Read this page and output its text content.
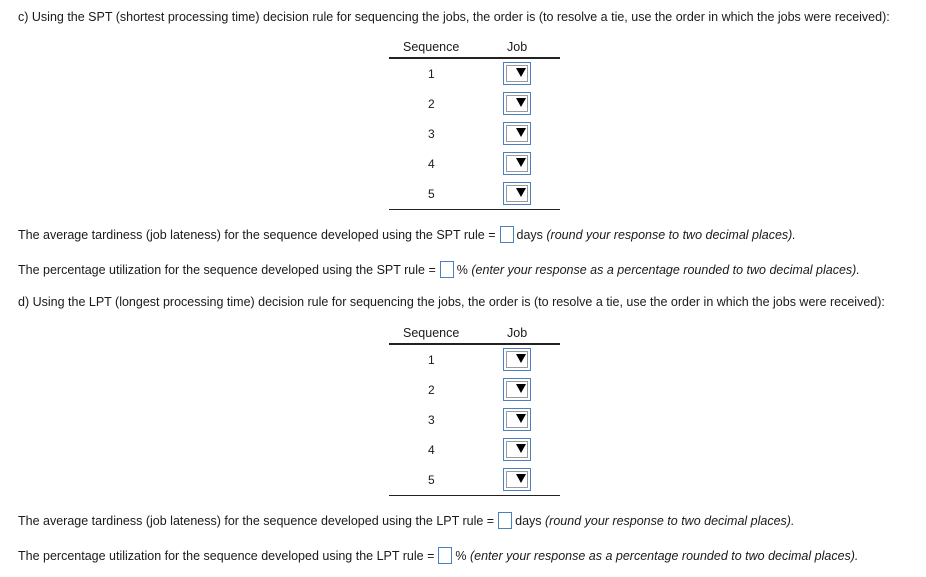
c) Using the SPT (shortest processing time) decision rule for sequencing the jobs, the order is (to resolve a tie, use the order in which the jobs were received):
Sequence	Job
1
2
3
4
5
The average tardiness (job lateness) for the sequence developed using the SPT rule = days (round your response to two decimal places).
The percentage utilization for the sequence developed using the SPT rule = % (enter your response as a percentage rounded to two decimal places).
d) Using the LPT (longest processing time) decision rule for sequencing the jobs, the order is (to resolve a tie, use the order in which the jobs were received):
Sequence	Job
1
2
3
4
5
The average tardiness (job lateness) for the sequence developed using the LPT rule = days (round your response to two decimal places).
The percentage utilization for the sequence developed using the LPT rule = % (enter your response as a percentage rounded to two decimal places).
